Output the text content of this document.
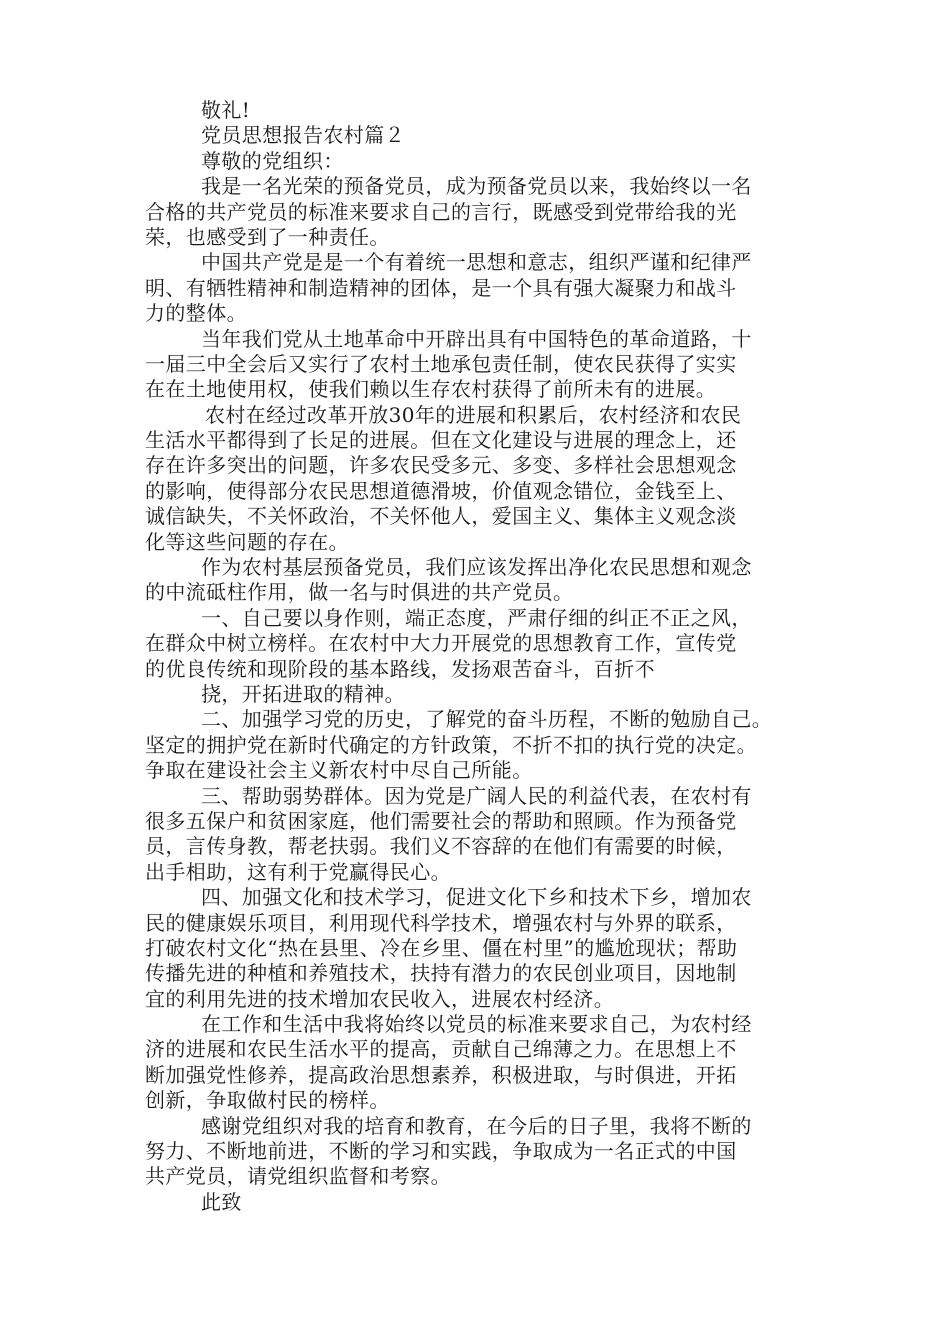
敬礼!
党员思想报告农村篇２
尊敬的党组织：
我是一名光荣的预备党员，成为预备党员以来，我始终以一名
合格的共产党员的标准来要求自己的言行，既感受到党带给我的光
荣，也感受到了一种责任。
中国共产党是是一个有着统一思想和意志，组织严谨和纪律严
明、有牺牲精神和制造精神的团体，是一个具有强大凝聚力和战斗
力的整体。
当年我们党从土地革命中开辟出具有中国特色的革命道路，十
一届三中全会后又实行了农村土地承包责任制，使农民获得了实实
在在土地使用权，使我们赖以生存农村获得了前所未有的进展。
农村在经过改革开放30年的进展和积累后，农村经济和农民
生活水平都得到了长足的进展。但在文化建设与进展的理念上，还
存在许多突出的问题，许多农民受多元、多变、多样社会思想观念
的影响，使得部分农民思想道德滑坡，价值观念错位，金钱至上、
诚信缺失，不关怀政治，不关怀他人，爱国主义、集体主义观念淡
化等这些问题的存在。
作为农村基层预备党员，我们应该发挥出净化农民思想和观念
的中流砥柱作用，做一名与时俱进的共产党员。
一、自己要以身作则，端正态度，严肃仔细的纠正不正之风，
在群众中树立榜样。在农村中大力开展党的思想教育工作，宣传党
的优良传统和现阶段的基本路线，发扬艰苦奋斗，百折不
挠，开拓进取的精神。
二、加强学习党的历史，了解党的奋斗历程，不断的勉励自己。
坚定的拥护党在新时代确定的方针政策，不折不扣的执行党的决定。
争取在建设社会主义新农村中尽自己所能。
三、帮助弱势群体。因为党是广阔人民的利益代表，在农村有
很多五保户和贫困家庭，他们需要社会的帮助和照顾。作为预备党
员，言传身教，帮老扶弱。我们义不容辞的在他们有需要的时候，
出手相助，这有利于党赢得民心。
四、加强文化和技术学习，促进文化下乡和技术下乡，增加农
民的健康娱乐项目，利用现代科学技术，增强农村与外界的联系，
打破农村文化“热在县里、冷在乡里、僵在村里”的尴尬现状；帮助
传播先进的种植和养殖技术，扶持有潜力的农民创业项目，因地制
宜的利用先进的技术增加农民收入，进展农村经济。
在工作和生活中我将始终以党员的标准来要求自己，为农村经
济的进展和农民生活水平的提高，贡献自己绵薄之力。在思想上不
断加强党性修养，提高政治思想素养，积极进取，与时俱进，开拓
创新，争取做村民的榜样。
感谢党组织对我的培育和教育，在今后的日子里，我将不断的
努力、不断地前进，不断的学习和实践，争取成为一名正式的中国
共产党员，请党组织监督和考察。
此致
